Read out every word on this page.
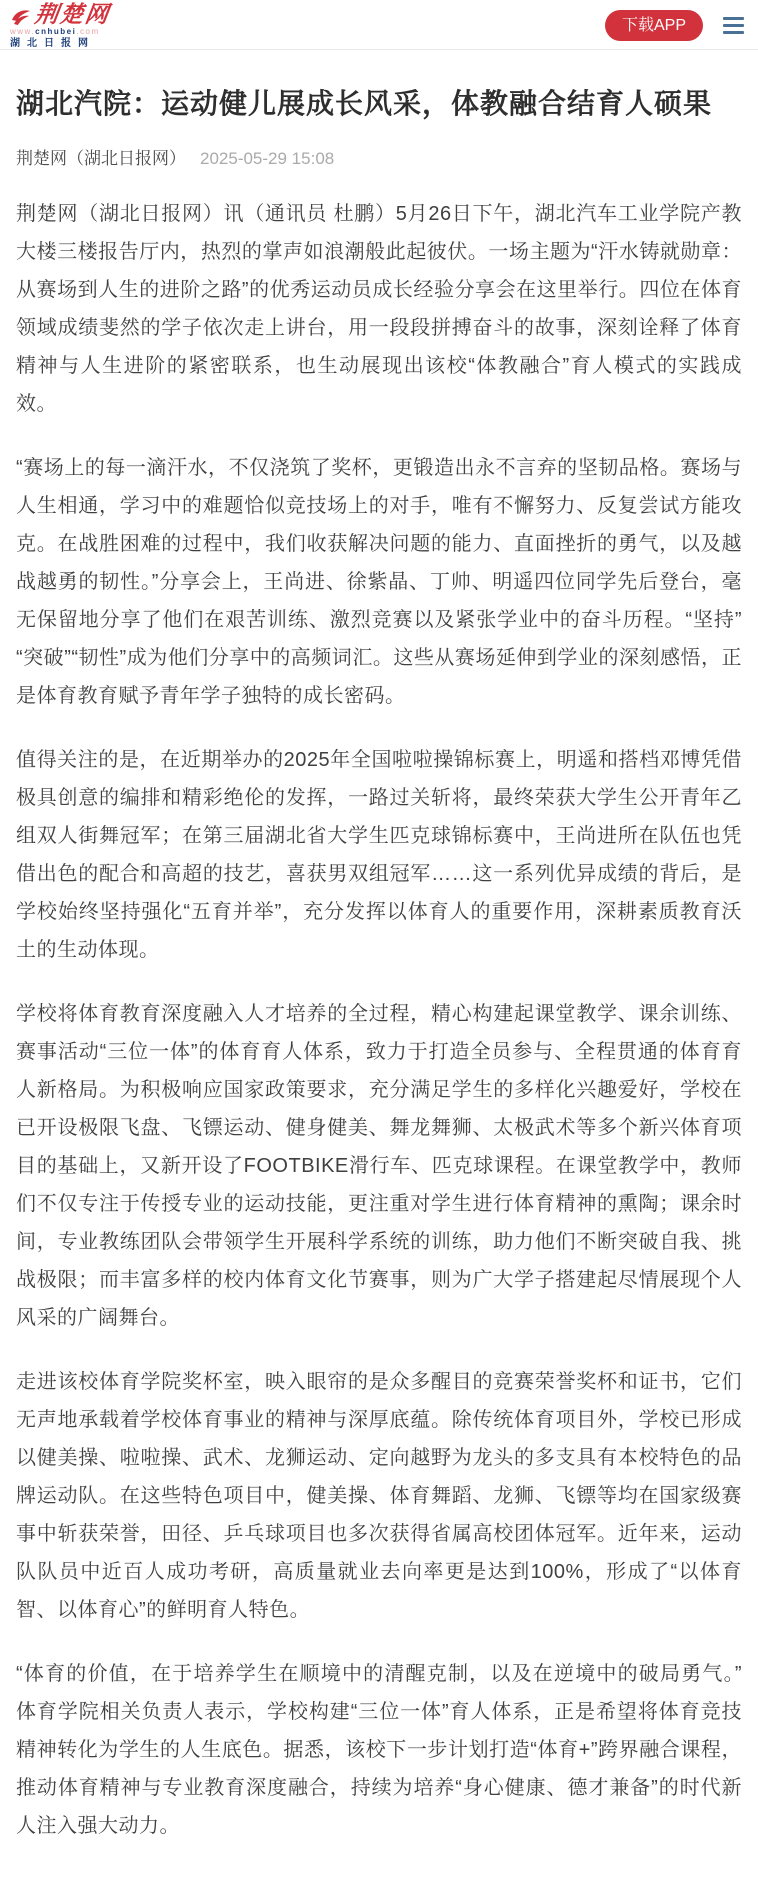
荆楚网
www.cnhubei.com
湖北日报网
下载APP
湖北汽院：运动健儿展成长风采，体教融合结育人硕果
荆楚网（湖北日报网） 2025-05-29 15:08

荆楚网（湖北日报网）讯（通讯员 杜鹏）5月26日下午，湖北汽车工业学院产教大楼三楼报告厅内，热烈的掌声如浪潮般此起彼伏。一场主题为“汗水铸就勋章：从赛场到人生的进阶之路”的优秀运动员成长经验分享会在这里举行。四位在体育领域成绩斐然的学子依次走上讲台，用一段段拼搏奋斗的故事，深刻诠释了体育精神与人生进阶的紧密联系，也生动展现出该校“体教融合”育人模式的实践成效。

“赛场上的每一滴汗水，不仅浇筑了奖杯，更锻造出永不言弃的坚韧品格。赛场与人生相通，学习中的难题恰似竞技场上的对手，唯有不懈努力、反复尝试方能攻克。在战胜困难的过程中，我们收获解决问题的能力、直面挫折的勇气，以及越战越勇的韧性。”分享会上，王尚进、徐紫晶、丁帅、明遥四位同学先后登台，毫无保留地分享了他们在艰苦训练、激烈竞赛以及紧张学业中的奋斗历程。“坚持”“突破”“韧性”成为他们分享中的高频词汇。这些从赛场延伸到学业的深刻感悟，正是体育教育赋予青年学子独特的成长密码。

值得关注的是，在近期举办的2025年全国啦啦操锦标赛上，明遥和搭档邓博凭借极具创意的编排和精彩绝伦的发挥，一路过关斩将，最终荣获大学生公开青年乙组双人街舞冠军；在第三届湖北省大学生匹克球锦标赛中，王尚进所在队伍也凭借出色的配合和高超的技艺，喜获男双组冠军……这一系列优异成绩的背后，是学校始终坚持强化“五育并举”，充分发挥以体育人的重要作用，深耕素质教育沃土的生动体现。

学校将体育教育深度融入人才培养的全过程，精心构建起课堂教学、课余训练、赛事活动“三位一体”的体育育人体系，致力于打造全员参与、全程贯通的体育育人新格局。为积极响应国家政策要求，充分满足学生的多样化兴趣爱好，学校在已开设极限飞盘、飞镖运动、健身健美、舞龙舞狮、太极武术等多个新兴体育项目的基础上，又新开设了FOOTBIKE滑行车、匹克球课程。在课堂教学中，教师们不仅专注于传授专业的运动技能，更注重对学生进行体育精神的熏陶；课余时间，专业教练团队会带领学生开展科学系统的训练，助力他们不断突破自我、挑战极限；而丰富多样的校内体育文化节赛事，则为广大学子搭建起尽情展现个人风采的广阔舞台。

走进该校体育学院奖杯室，映入眼帘的是众多醒目的竞赛荣誉奖杯和证书，它们无声地承载着学校体育事业的精神与深厚底蕴。除传统体育项目外，学校已形成以健美操、啦啦操、武术、龙狮运动、定向越野为龙头的多支具有本校特色的品牌运动队。在这些特色项目中，健美操、体育舞蹈、龙狮、飞镖等均在国家级赛事中斩获荣誉，田径、乒乓球项目也多次获得省属高校团体冠军。近年来，运动队队员中近百人成功考研，高质量就业去向率更是达到100%，形成了“以体育智、以体育心”的鲜明育人特色。

“体育的价值，在于培养学生在顺境中的清醒克制，以及在逆境中的破局勇气。” 体育学院相关负责人表示，学校构建“三位一体”育人体系，正是希望将体育竞技精神转化为学生的人生底色。据悉，该校下一步计划打造“体育+”跨界融合课程，推动体育精神与专业教育深度融合，持续为培养“身心健康、德才兼备”的时代新人注入强大动力。
